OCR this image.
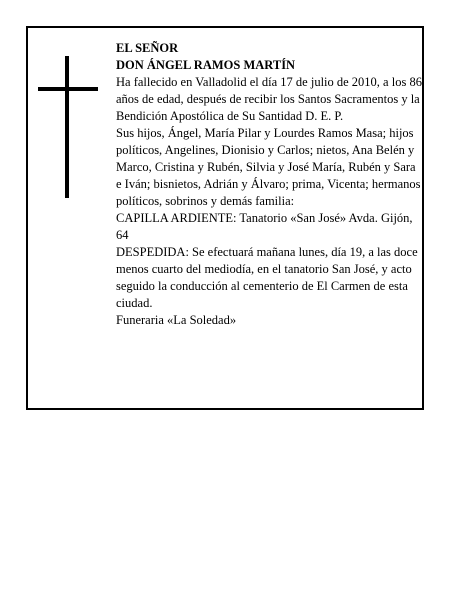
EL SEÑOR

DON ÁNGEL RAMOS MARTÍN

Ha fallecido en Valladolid el día 17 de julio de 2010, a los 86 años de edad, después de recibir los Santos Sacramentos y la Bendición Apostólica de Su Santidad D. E. P.

Sus hijos, Ángel, María Pilar y Lourdes Ramos Masa; hijos políticos, Angelines, Dionisio y Carlos; nietos, Ana Belén y Marco, Cristina y Rubén, Silvia y José María, Rubén y Sara e Iván; bisnietos, Adrián y Álvaro; prima, Vicenta; hermanos políticos, sobrinos y demás familia:

CAPILLA ARDIENTE: Tanatorio «San José» Avda. Gijón, 64

DESPEDIDA: Se efectuará mañana lunes, día 19, a las doce menos cuarto del mediodía, en el tanatorio San José, y acto seguido la conducción al cementerio de El Carmen de esta ciudad.

Funeraria «La Soledad»
